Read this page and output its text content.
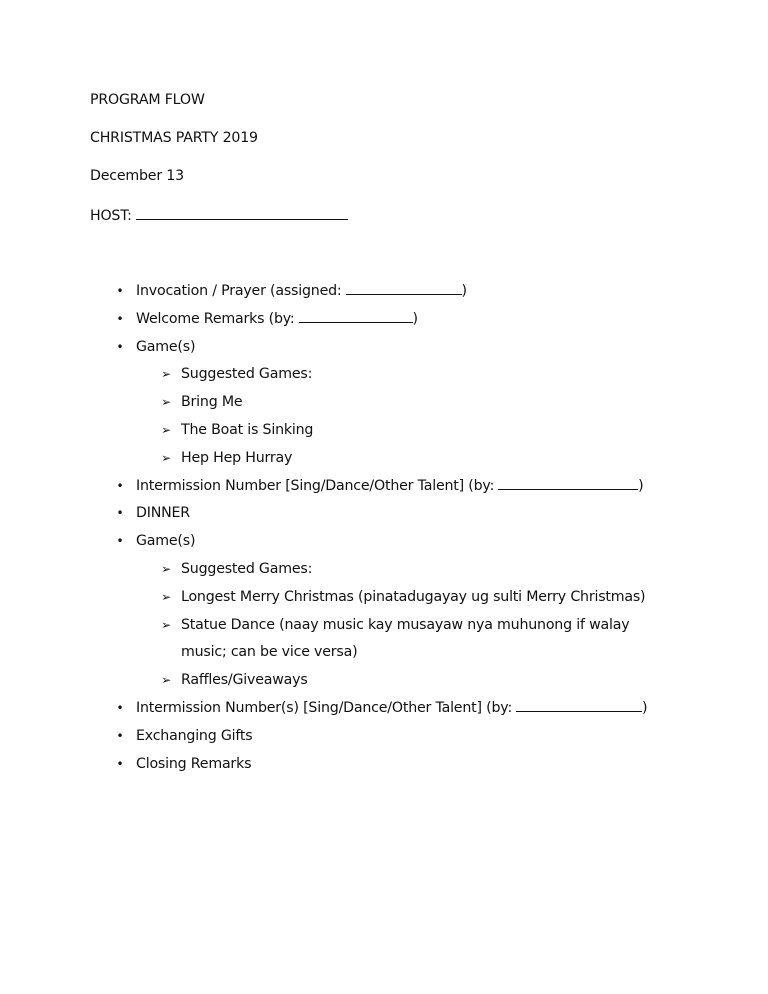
PROGRAM FLOW
CHRISTMAS PARTY 2019
December 13
HOST:
• Invocation / Prayer (assigned:	)
• Welcome Remarks (by:	)
• Game(s)
➢ Suggested Games:
➢ Bring Me
➢ The Boat is Sinking
➢ Hep Hep Hurray
• Intermission Number [Sing/Dance/Other Talent] (by:	)
• DINNER
• Game(s)
➢ Suggested Games:
➢ Longest Merry Christmas (pinatadugayay ug sulti Merry Christmas)
➢ Statue Dance (naay music kay musayaw nya muhunong if walay music; can be vice versa)
➢ Raffles/Giveaways
• Intermission Number(s) [Sing/Dance/Other Talent] (by:	)
• Exchanging Gifts
• Closing Remarks
